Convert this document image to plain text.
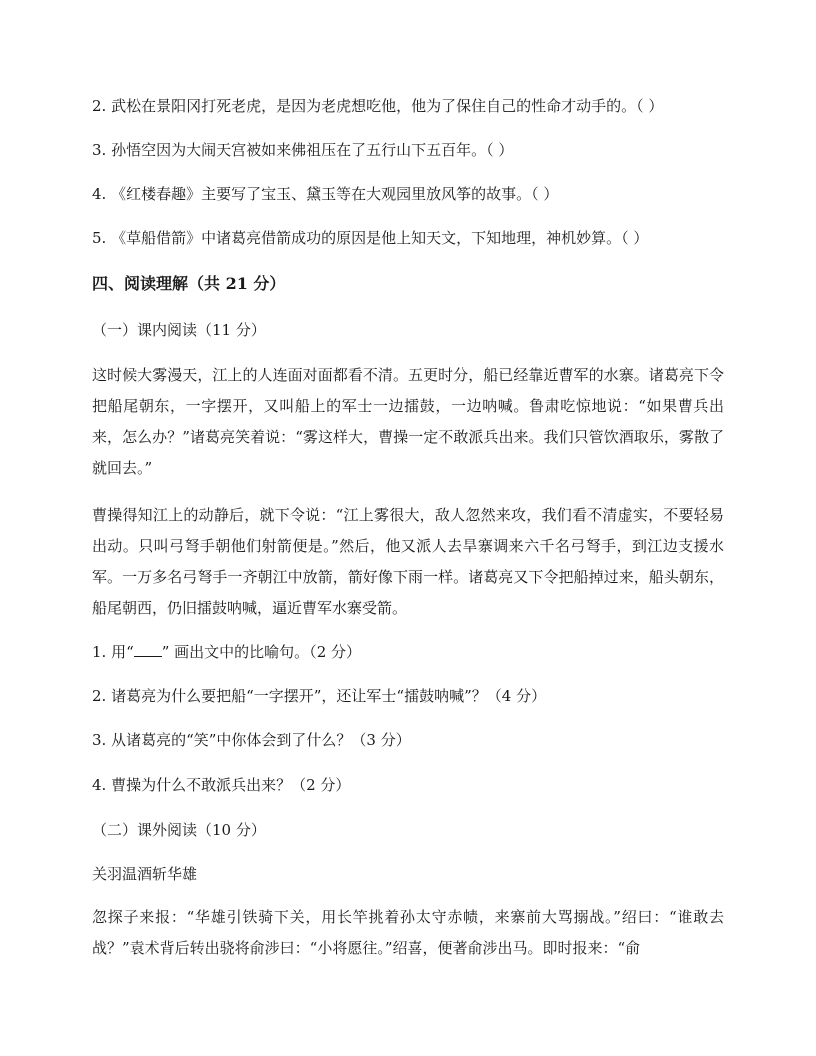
2. 武松在景阳冈打死老虎，是因为老虎想吃他，他为了保住自己的性命才动手的。（ ）
3. 孙悟空因为大闹天宫被如来佛祖压在了五行山下五百年。（ ）
4. 《红楼春趣》主要写了宝玉、黛玉等在大观园里放风筝的故事。（ ）
5. 《草船借箭》中诸葛亮借箭成功的原因是他上知天文，下知地理，神机妙算。（ ）
四、阅读理解（共 21 分）
（一）课内阅读（11 分）
这时候大雾漫天，江上的人连面对面都看不清。五更时分，船已经靠近曹军的水寨。诸葛亮下令把船尾朝东，一字摆开，又叫船上的军士一边擂鼓，一边呐喊。鲁肃吃惊地说：“如果曹兵出来，怎么办？”诸葛亮笑着说：“雾这样大，曹操一定不敢派兵出来。我们只管饮酒取乐，雾散了就回去。”
曹操得知江上的动静后，就下令说：“江上雾很大，敌人忽然来攻，我们看不清虚实，不要轻易出动。只叫弓弩手朝他们射箭便是。”然后，他又派人去旱寨调来六千名弓弩手，到江边支援水军。一万多名弓弩手一齐朝江中放箭，箭好像下雨一样。诸葛亮又下令把船掉过来，船头朝东，船尾朝西，仍旧擂鼓呐喊，逼近曹军水寨受箭。
1. 用“ ” 画出文中的比喻句。（2 分）
2. 诸葛亮为什么要把船“一字摆开”，还让军士“擂鼓呐喊”？（4 分）
3. 从诸葛亮的“笑”中你体会到了什么？（3 分）
4. 曹操为什么不敢派兵出来？（2 分）
（二）课外阅读（10 分）
关羽温酒斩华雄
忽探子来报：“华雄引铁骑下关，用长竿挑着孙太守赤帻，来寨前大骂搦战。”绍曰：“谁敢去战？”袁术背后转出骁将俞涉曰：“小将愿往。”绍喜，便著俞涉出马。即时报来：“俞
